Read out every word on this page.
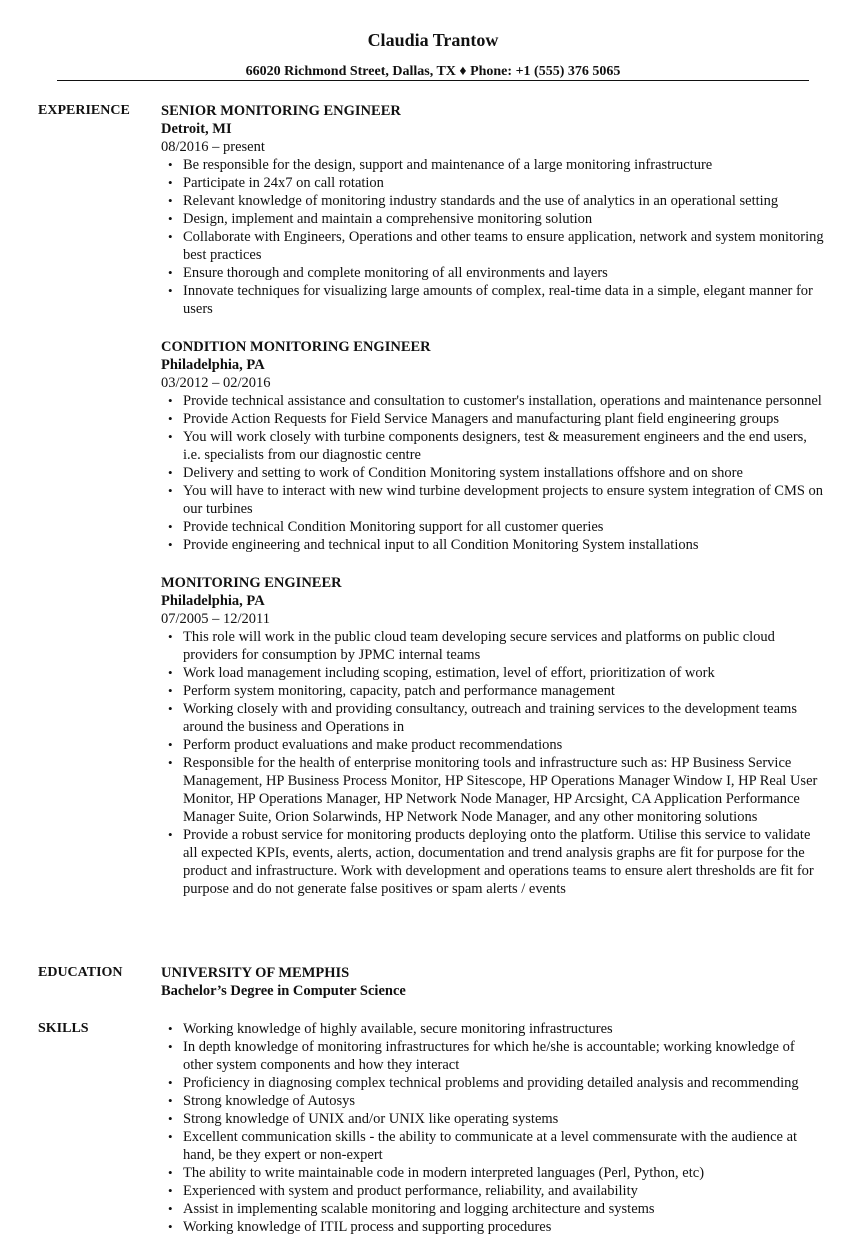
Claudia Trantow
66020 Richmond Street, Dallas, TX ♦ Phone: +1 (555) 376 5065
EXPERIENCE SENIOR MONITORING ENGINEER
Detroit, MI
08/2016 – present
• Be responsible for the design, support and maintenance of a large monitoring infrastructure
• Participate in 24x7 on call rotation
• Relevant knowledge of monitoring industry standards and the use of analytics in an operational setting
• Design, implement and maintain a comprehensive monitoring solution
• Collaborate with Engineers, Operations and other teams to ensure application, network and system monitoring best practices
• Ensure thorough and complete monitoring of all environments and layers
• Innovate techniques for visualizing large amounts of complex, real-time data in a simple, elegant manner for users
CONDITION MONITORING ENGINEER
Philadelphia, PA
03/2012 – 02/2016
• Provide technical assistance and consultation to customer's installation, operations and maintenance personnel
• Provide Action Requests for Field Service Managers and manufacturing plant field engineering groups
• You will work closely with turbine components designers, test & measurement engineers and the end users, i.e. specialists from our diagnostic centre
• Delivery and setting to work of Condition Monitoring system installations offshore and on shore
• You will have to interact with new wind turbine development projects to ensure system integration of CMS on our turbines
• Provide technical Condition Monitoring support for all customer queries
• Provide engineering and technical input to all Condition Monitoring System installations
MONITORING ENGINEER
Philadelphia, PA
07/2005 – 12/2011
• This role will work in the public cloud team developing secure services and platforms on public cloud providers for consumption by JPMC internal teams
• Work load management including scoping, estimation, level of effort, prioritization of work
• Perform system monitoring, capacity, patch and performance management
• Working closely with and providing consultancy, outreach and training services to the development teams around the business and Operations in
• Perform product evaluations and make product recommendations
• Responsible for the health of enterprise monitoring tools and infrastructure such as: HP Business Service Management, HP Business Process Monitor, HP Sitescope, HP Operations Manager Window I, HP Real User Monitor, HP Operations Manager, HP Network Node Manager, HP Arcsight, CA Application Performance Manager Suite, Orion Solarwinds, HP Network Node Manager, and any other monitoring solutions
• Provide a robust service for monitoring products deploying onto the platform. Utilise this service to validate all expected KPIs, events, alerts, action, documentation and trend analysis graphs are fit for purpose for the product and infrastructure. Work with development and operations teams to ensure alert thresholds are fit for purpose and do not generate false positives or spam alerts / events
EDUCATION	UNIVERSITY OF MEMPHIS
Bachelor’s Degree in Computer Science
SKILLS
•	Working knowledge of highly available, secure monitoring infrastructures
• In depth knowledge of monitoring infrastructures for which he/she is accountable; working knowledge of other system components and how they interact
• Proficiency in diagnosing complex technical problems and providing detailed analysis and recommending
• Strong knowledge of Autosys
• Strong knowledge of UNIX and/or UNIX like operating systems
• Excellent communication skills - the ability to communicate at a level commensurate with the audience at hand, be they expert or non-expert
• The ability to write maintainable code in modern interpreted languages (Perl, Python, etc)
• Experienced with system and product performance, reliability, and availability
• Assist in implementing scalable monitoring and logging architecture and systems
• Working knowledge of ITIL process and supporting procedures
